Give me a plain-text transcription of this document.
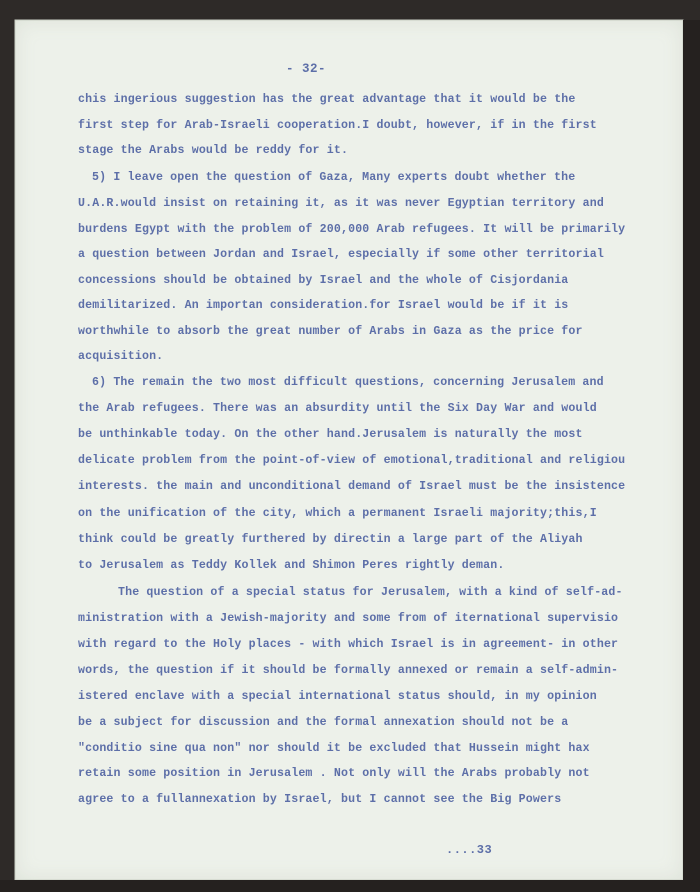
- 32-
chis ingerious suggestion has the great advantage that it would be the
first step for Arab-Israeli cooperation.I doubt, however, if in the first
stage the Arabs would be reddy for it.
5) I leave open the question of Gaza, Many experts doubt whether the
U.A.R.would insist on retaining it, as it was never Egyptian territory and
burdens Egypt with the problem of 200,000 Arab refugees. It will be primarily
a question between Jordan and Israel, especially if some other territorial
concessions should be obtained by Israel and the whole of Cisjordania
demilitarized. An importan consideration.for Israel would be if it is
worthwhile to absorb the great number of Arabs in Gaza as the price for
acquisition.
6) The remain the two most difficult questions, concerning Jerusalem and
the Arab refugees. There was an absurdity until the Six Day War and would
be unthinkable today. On the other hand.Jerusalem is naturally the most
delicate problem from the point-of-view of emotional,traditional and religiou
interests. the main and unconditional demand of Israel must be the insistence
on the unification of the city, which a permanent Israeli majority;this,I
think could be greatly furthered by directin a large part of the Aliyah
to Jerusalem as Teddy Kollek and Shimon Peres rightly deman.
The question of a special status for Jerusalem, with a kind of self-ad-
ministration with a Jewish-majority and some from of iternational supervisio
with regard to the Holy places - with which Israel is in agreement- in other
words, the question if it should be formally annexed or remain a self-admin-
istered enclave with a special international status should, in my opinion
be a subject for discussion and the formal annexation should not be a
"conditio sine qua non" nor should it be excluded that Hussein might hax
retain some position in Jerusalem . Not only will the Arabs probably not
agree to a fullannexation by Israel, but I cannot see the Big Powers
....33
